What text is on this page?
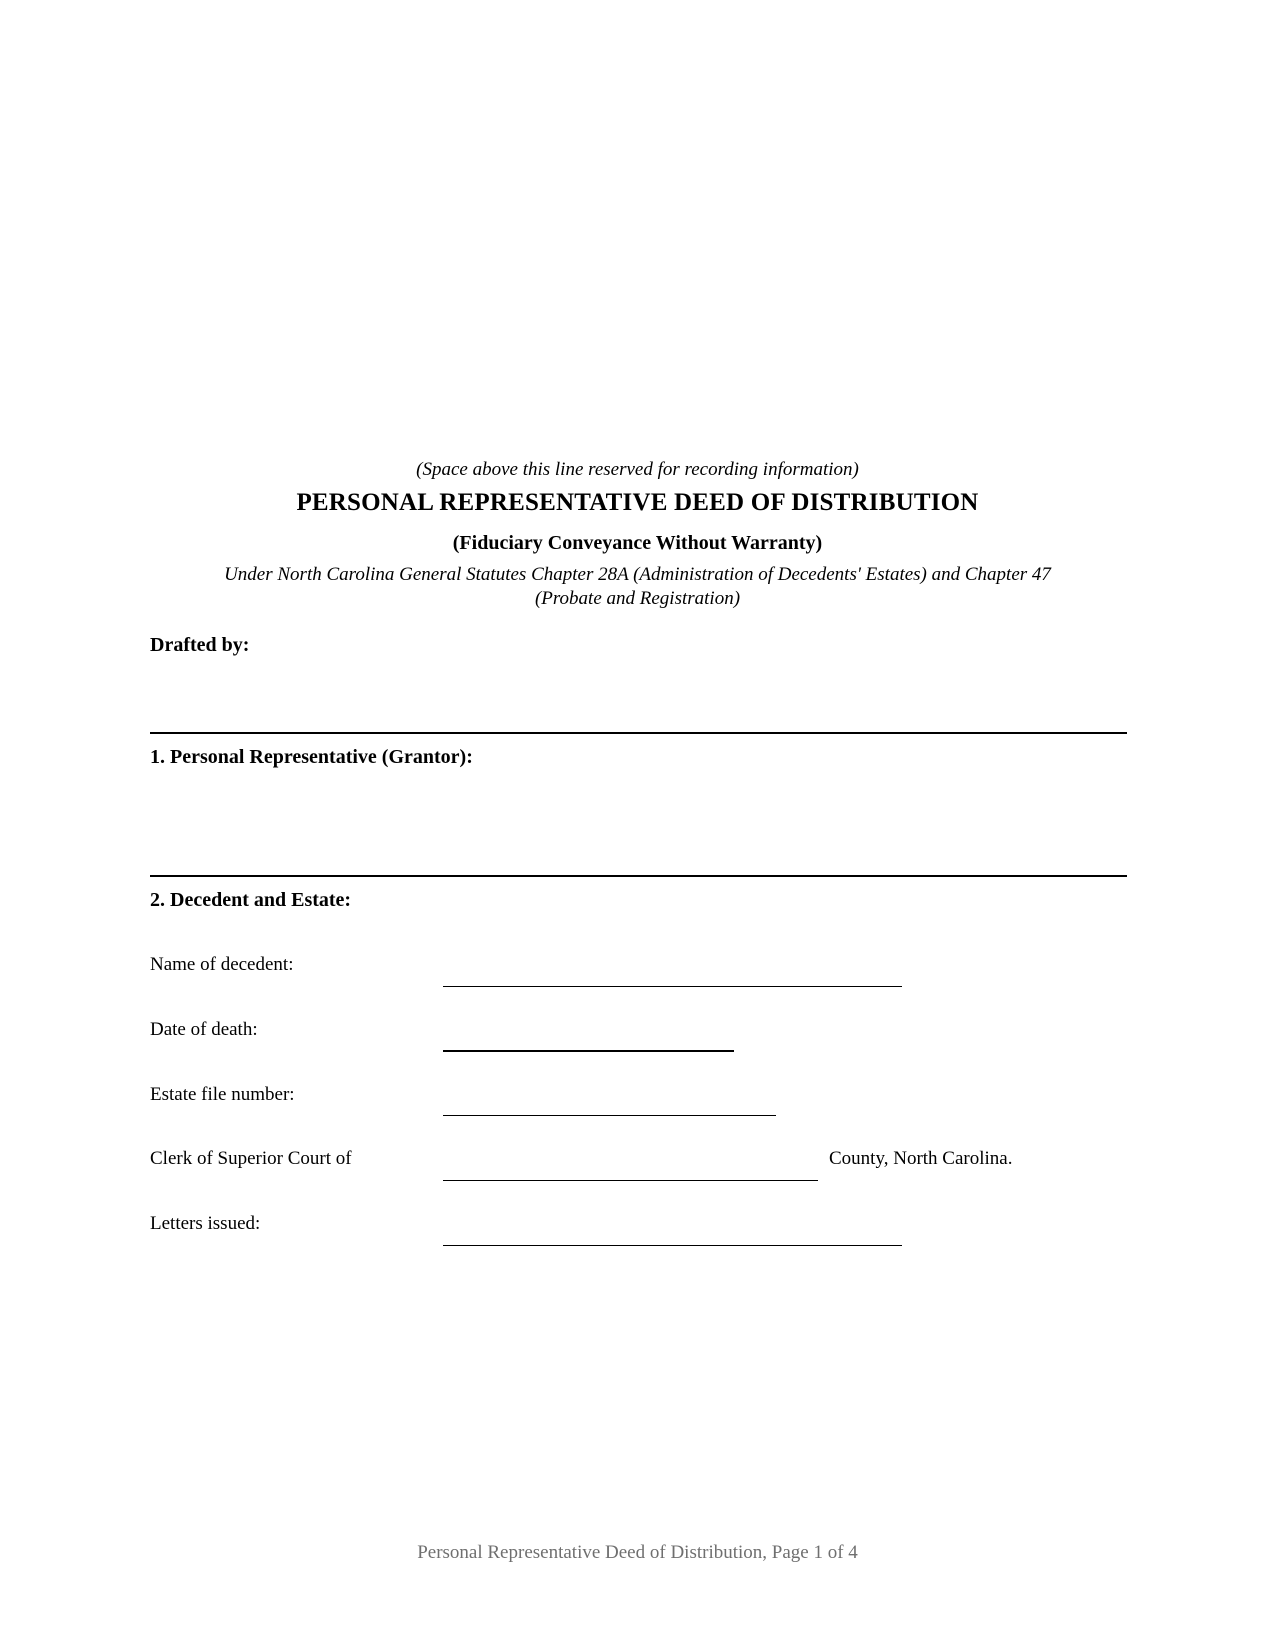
(Space above this line reserved for recording information)
PERSONAL REPRESENTATIVE DEED OF DISTRIBUTION
(Fiduciary Conveyance Without Warranty)
Under North Carolina General Statutes Chapter 28A (Administration of Decedents' Estates) and Chapter 47
(Probate and Registration)
Drafted by:
1. Personal Representative (Grantor):
2. Decedent and Estate:
Name of decedent:
Date of death:
Estate file number:
Clerk of Superior Court of	County, North Carolina.
Letters issued:
Personal Representative Deed of Distribution, Page 1 of 4
